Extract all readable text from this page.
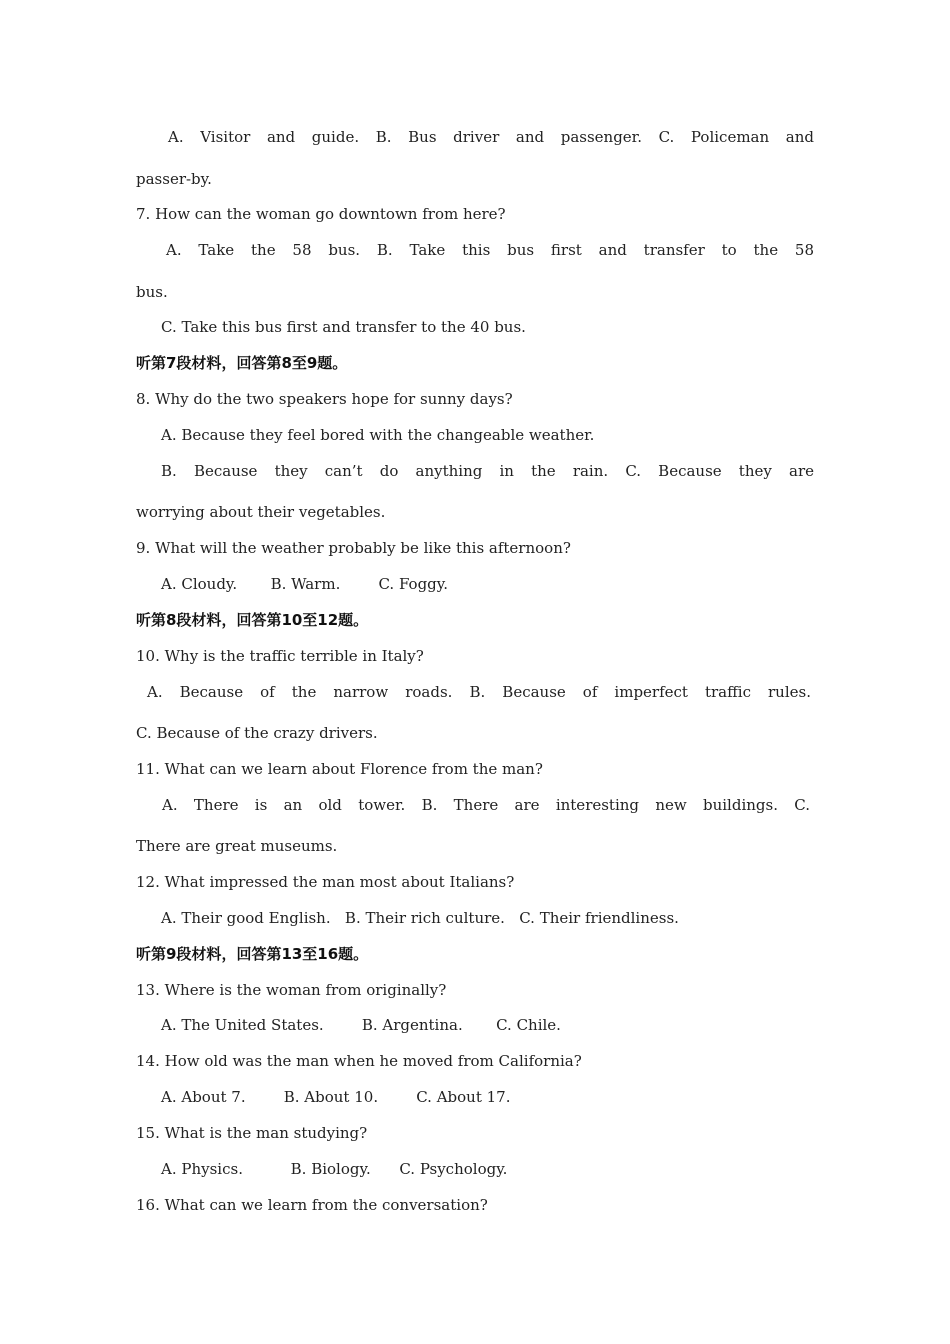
A. Visitor and guide. B. Bus driver and passenger. C. Policeman and

passer-by.

7. How can the woman go downtown from here?

A. Take the 58 bus. B. Take this bus first and transfer to the 58

bus.

C. Take this bus first and transfer to the 40 bus.

听第7段材料，回答第8至9题。

8. Why do the two speakers hope for sunny days?

A. Because they feel bored with the changeable weather.

B. Because they can’t do anything in the rain. C. Because they are

worrying about their vegetables.

9. What will the weather probably be like this afternoon?

A. Cloudy.       B. Warm.        C. Foggy.

听第8段材料，回答第10至12题。

10. Why is the traffic terrible in Italy?

A. Because of the narrow roads. B. Because of imperfect traffic rules.

C. Because of the crazy drivers.

11. What can we learn about Florence from the man?

A. There is an old tower. B. There are interesting new buildings. C.

There are great museums.

12. What impressed the man most about Italians?

A. Their good English.   B. Their rich culture.   C. Their friendliness.

听第9段材料，回答第13至16题。

13. Where is the woman from originally?

A. The United States.        B. Argentina.       C. Chile.

14. How old was the man when he moved from California?

A. About 7.        B. About 10.        C. About 17.

15. What is the man studying?

A. Physics.          B. Biology.      C. Psychology.

16. What can we learn from the conversation?
